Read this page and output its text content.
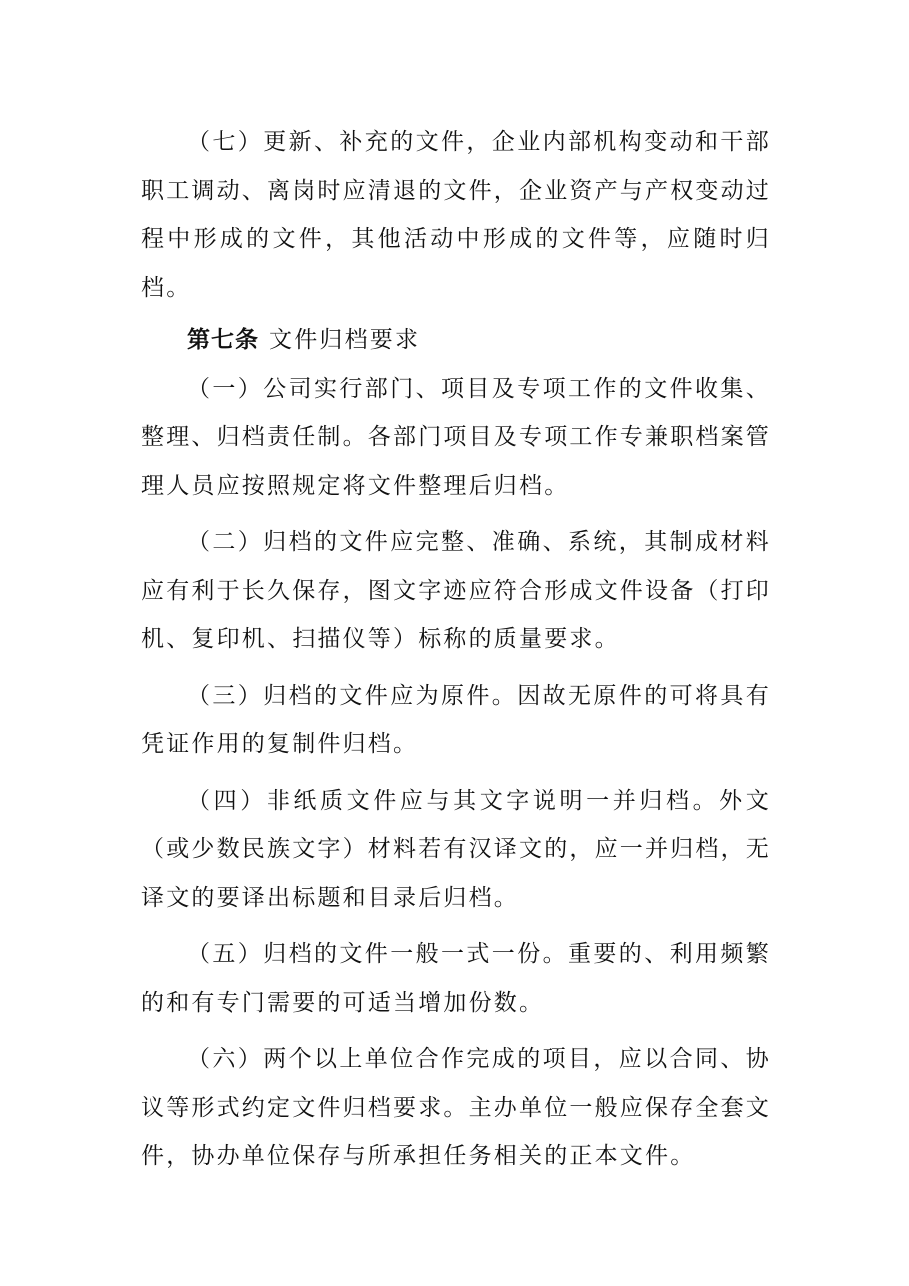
（七）更新、补充的文件，企业内部机构变动和干部职工调动、离岗时应清退的文件，企业资产与产权变动过程中形成的文件，其他活动中形成的文件等，应随时归档。

第七条 文件归档要求

（一）公司实行部门、项目及专项工作的文件收集、整理、归档责任制。各部门项目及专项工作专兼职档案管理人员应按照规定将文件整理后归档。

（二）归档的文件应完整、准确、系统，其制成材料应有利于长久保存，图文字迹应符合形成文件设备（打印机、复印机、扫描仪等）标称的质量要求。

（三）归档的文件应为原件。因故无原件的可将具有凭证作用的复制件归档。

（四）非纸质文件应与其文字说明一并归档。外文（或少数民族文字）材料若有汉译文的，应一并归档，无译文的要译出标题和目录后归档。

（五）归档的文件一般一式一份。重要的、利用频繁的和有专门需要的可适当增加份数。

（六）两个以上单位合作完成的项目，应以合同、协议等形式约定文件归档要求。主办单位一般应保存全套文件，协办单位保存与所承担任务相关的正本文件。
